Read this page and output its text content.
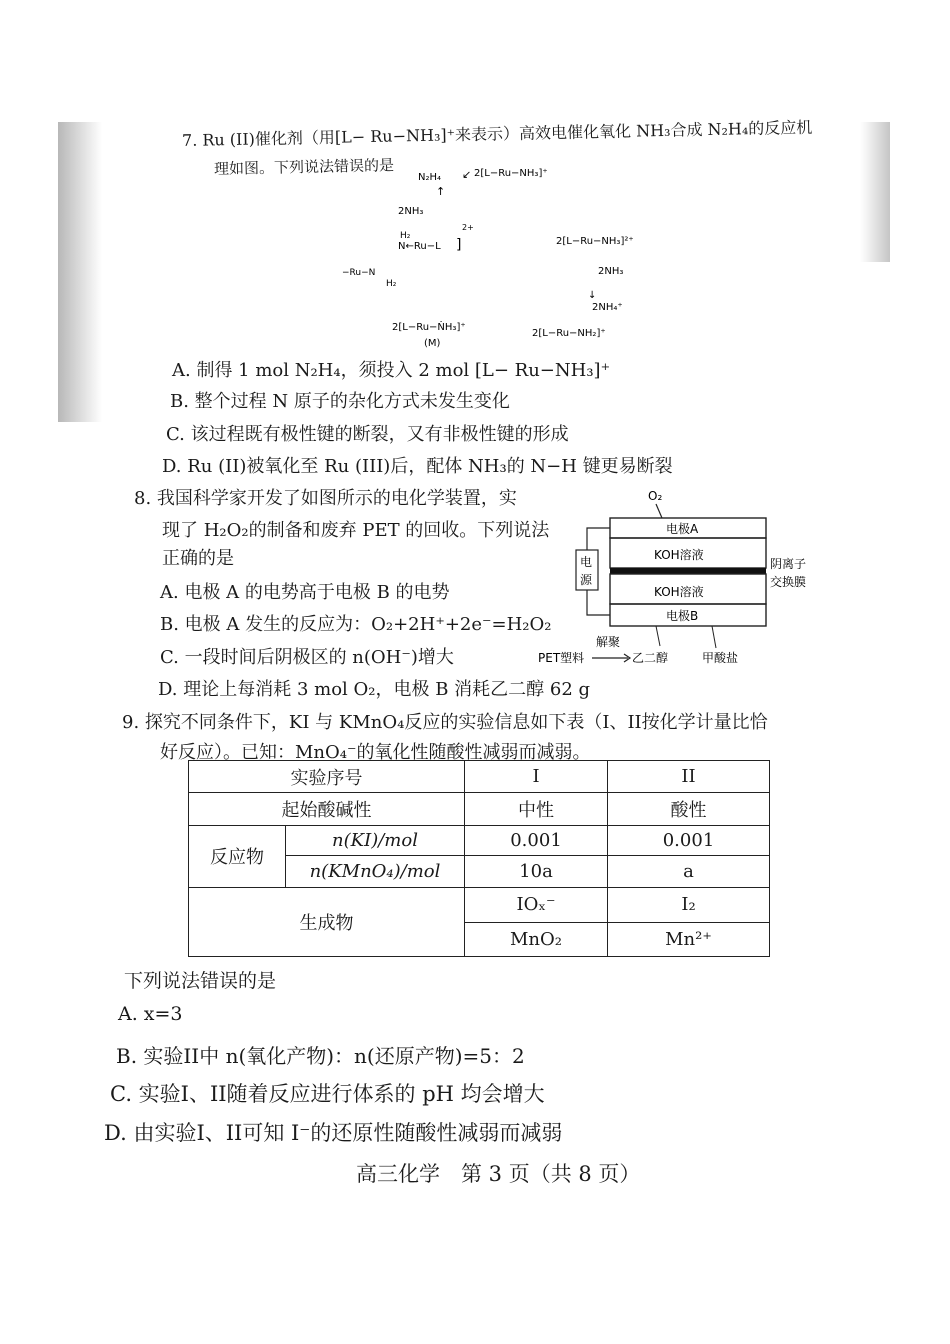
7. Ru (II)催化剂（用[L− Ru−NH₃]⁺来表示）高效电催化氧化 NH₃合成 N₂H₄的反应机
理如图。下列说法错误的是 N₂H₄ ↙ 2[L−Ru−NH₃]⁺
↑
2NH₃
H₂
N←Ru−L ]
2+
2[L−Ru−NH₃]²⁺
−Ru−N
H₂
2NH₃
↓
2NH₄⁺
2[L−Ru−ṄH₃]⁺
(M)
2[L−Ru−NH₂]⁺
A. 制得 1 mol N₂H₄，须投入 2 mol [L− Ru−NH₃]⁺
B. 整个过程 N 原子的杂化方式未发生变化
C. 该过程既有极性键的断裂，又有非极性键的形成
D. Ru (II)被氧化至 Ru (III)后，配体 NH₃的 N−H 键更易断裂
8. 我国科学家开发了如图所示的电化学装置，实
现了 H₂O₂的制备和废弃 PET 的回收。下列说法
正确的是
A. 电极 A 的电势高于电极 B 的电势
B. 电极 A 发生的反应为：O₂+2H⁺+2e⁻=H₂O₂
C. 一段时间后阴极区的 n(OH⁻)增大
D. 理论上每消耗 3 mol O₂，电极 B 消耗乙二醇 62 g
O₂
电极A
KOH溶液
KOH溶液
电极B
电
源
阴离子
交换膜
PET塑料
解聚
乙二醇	甲酸盐
9. 探究不同条件下，KI 与 KMnO₄反应的实验信息如下表（I、II按化学计量比恰
好反应）。已知：MnO₄⁻的氧化性随酸性减弱而减弱。
实验序号		I	II
起始酸碱性		中性	酸性
反应物	n(KI)/mol	0.001	0.001
	n(KMnO₄)/mol	10a	a
生成物		IOₓ⁻	I₂
		MnO₂	Mn²⁺
下列说法错误的是
A. x=3
B. 实验II中 n(氧化产物)：n(还原产物)=5：2
C. 实验I、II随着反应进行体系的 pH 均会增大
D. 由实验I、II可知 I⁻的还原性随酸性减弱而减弱
高三化学　第 3 页（共 8 页）
